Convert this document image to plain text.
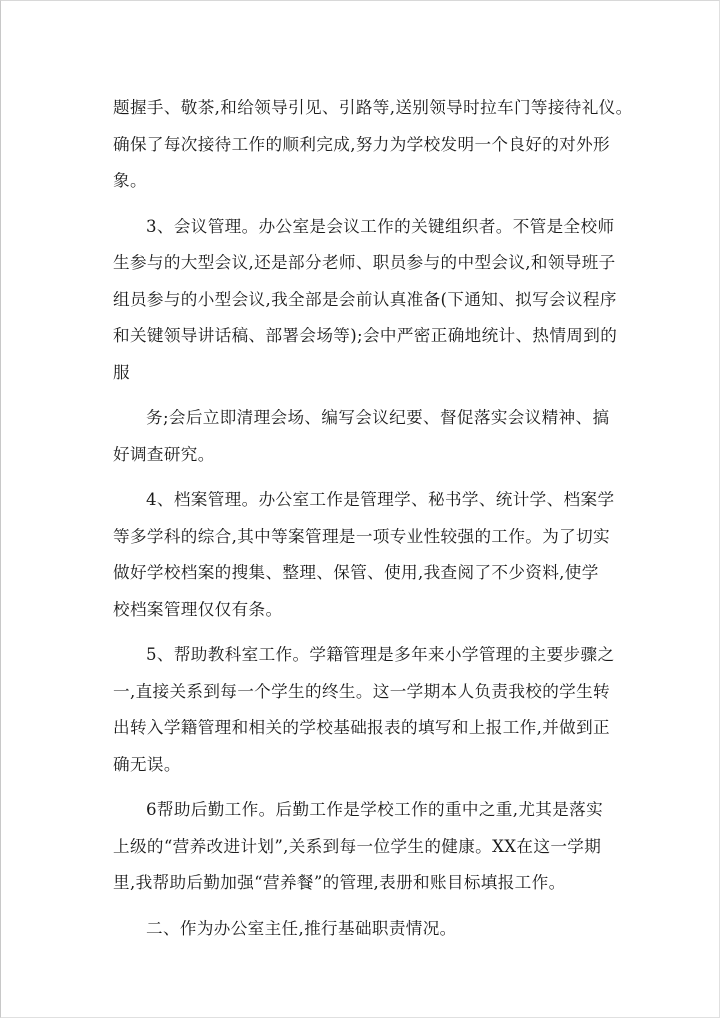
题握手、敬茶,和给领导引见、引路等,送别领导时拉车门等接待礼仪。
确保了每次接待工作的顺利完成,努力为学校发明一个良好的对外形
象。
3、会议管理。办公室是会议工作的关键组织者。不管是全校师
生参与的大型会议,还是部分老师、职员参与的中型会议,和领导班子
组员参与的小型会议,我全部是会前认真准备(下通知、拟写会议程序
和关键领导讲话稿、部署会场等);会中严密正确地统计、热情周到的
服
务;会后立即清理会场、编写会议纪要、督促落实会议精神、搞
好调查研究。
4、档案管理。办公室工作是管理学、秘书学、统计学、档案学
等多学科的综合,其中等案管理是一项专业性较强的工作。为了切实
做好学校档案的搜集、整理、保管、使用,我查阅了不少资料,使学
校档案管理仅仅有条。
5、帮助教科室工作。学籍管理是多年来小学管理的主要步骤之
一,直接关系到每一个学生的终生。这一学期本人负责我校的学生转
出转入学籍管理和相关的学校基础报表的填写和上报工作,并做到正
确无误。
6帮助后勤工作。后勤工作是学校工作的重中之重,尤其是落实
上级的“营养改进计划”,关系到每一位学生的健康。XX在这一学期
里,我帮助后勤加强“营养餐”的管理,表册和账目标填报工作。
二、作为办公室主任,推行基础职责情况。
